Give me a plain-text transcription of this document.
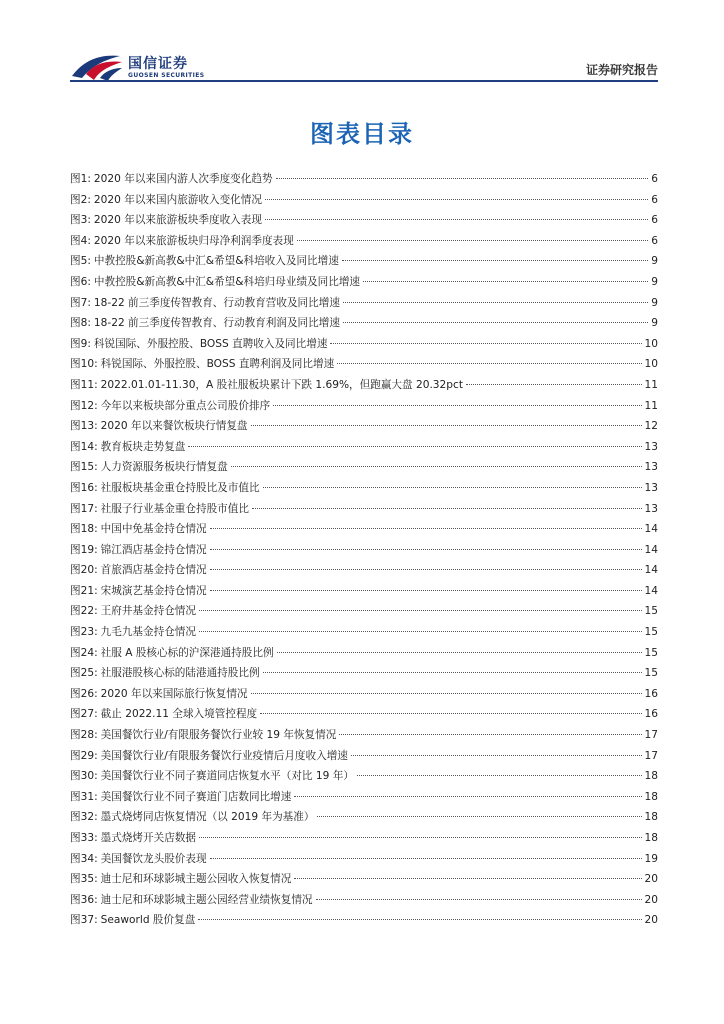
国信证券
GUOSEN SECURITIES	证券研究报告
图表目录
图1: 2020 年以来国内游人次季度变化趋势	6
图2: 2020 年以来国内旅游收入变化情况	6
图3: 2020 年以来旅游板块季度收入表现	6
图4: 2020 年以来旅游板块归母净利润季度表现	6
图5: 中教控股&新高教&中汇&希望&科培收入及同比增速	9
图6: 中教控股&新高教&中汇&希望&科培归母业绩及同比增速	9
图7: 18-22 前三季度传智教育、行动教育营收及同比增速	9
图8: 18-22 前三季度传智教育、行动教育利润及同比增速	9
图9: 科锐国际、外服控股、BOSS 直聘收入及同比增速	10
图10: 科锐国际、外服控股、BOSS 直聘利润及同比增速	10
图11: 2022.01.01-11.30，A 股社服板块累计下跌 1.69%，但跑赢大盘 20.32pct	11
图12: 今年以来板块部分重点公司股价排序	11
图13: 2020 年以来餐饮板块行情复盘	12
图14: 教育板块走势复盘	13
图15: 人力资源服务板块行情复盘	13
图16: 社服板块基金重仓持股比及市值比	13
图17: 社服子行业基金重仓持股市值比	13
图18: 中国中免基金持仓情况	14
图19: 锦江酒店基金持仓情况	14
图20: 首旅酒店基金持仓情况	14
图21: 宋城演艺基金持仓情况	14
图22: 王府井基金持仓情况	15
图23: 九毛九基金持仓情况	15
图24: 社服 A 股核心标的沪深港通持股比例	15
图25: 社服港股核心标的陆港通持股比例	15
图26: 2020 年以来国际旅行恢复情况	16
图27: 截止 2022.11 全球入境管控程度	16
图28: 美国餐饮行业/有限服务餐饮行业较 19 年恢复情况	17
图29: 美国餐饮行业/有限服务餐饮行业疫情后月度收入增速	17
图30: 美国餐饮行业不同子赛道同店恢复水平（对比 19 年）	18
图31: 美国餐饮行业不同子赛道门店数同比增速	18
图32: 墨式烧烤同店恢复情况（以 2019 年为基准）	18
图33: 墨式烧烤开关店数据	18
图34: 美国餐饮龙头股价表现	19
图35: 迪士尼和环球影城主题公园收入恢复情况	20
图36: 迪士尼和环球影城主题公园经营业绩恢复情况	20
图37: Seaworld 股价复盘	20
